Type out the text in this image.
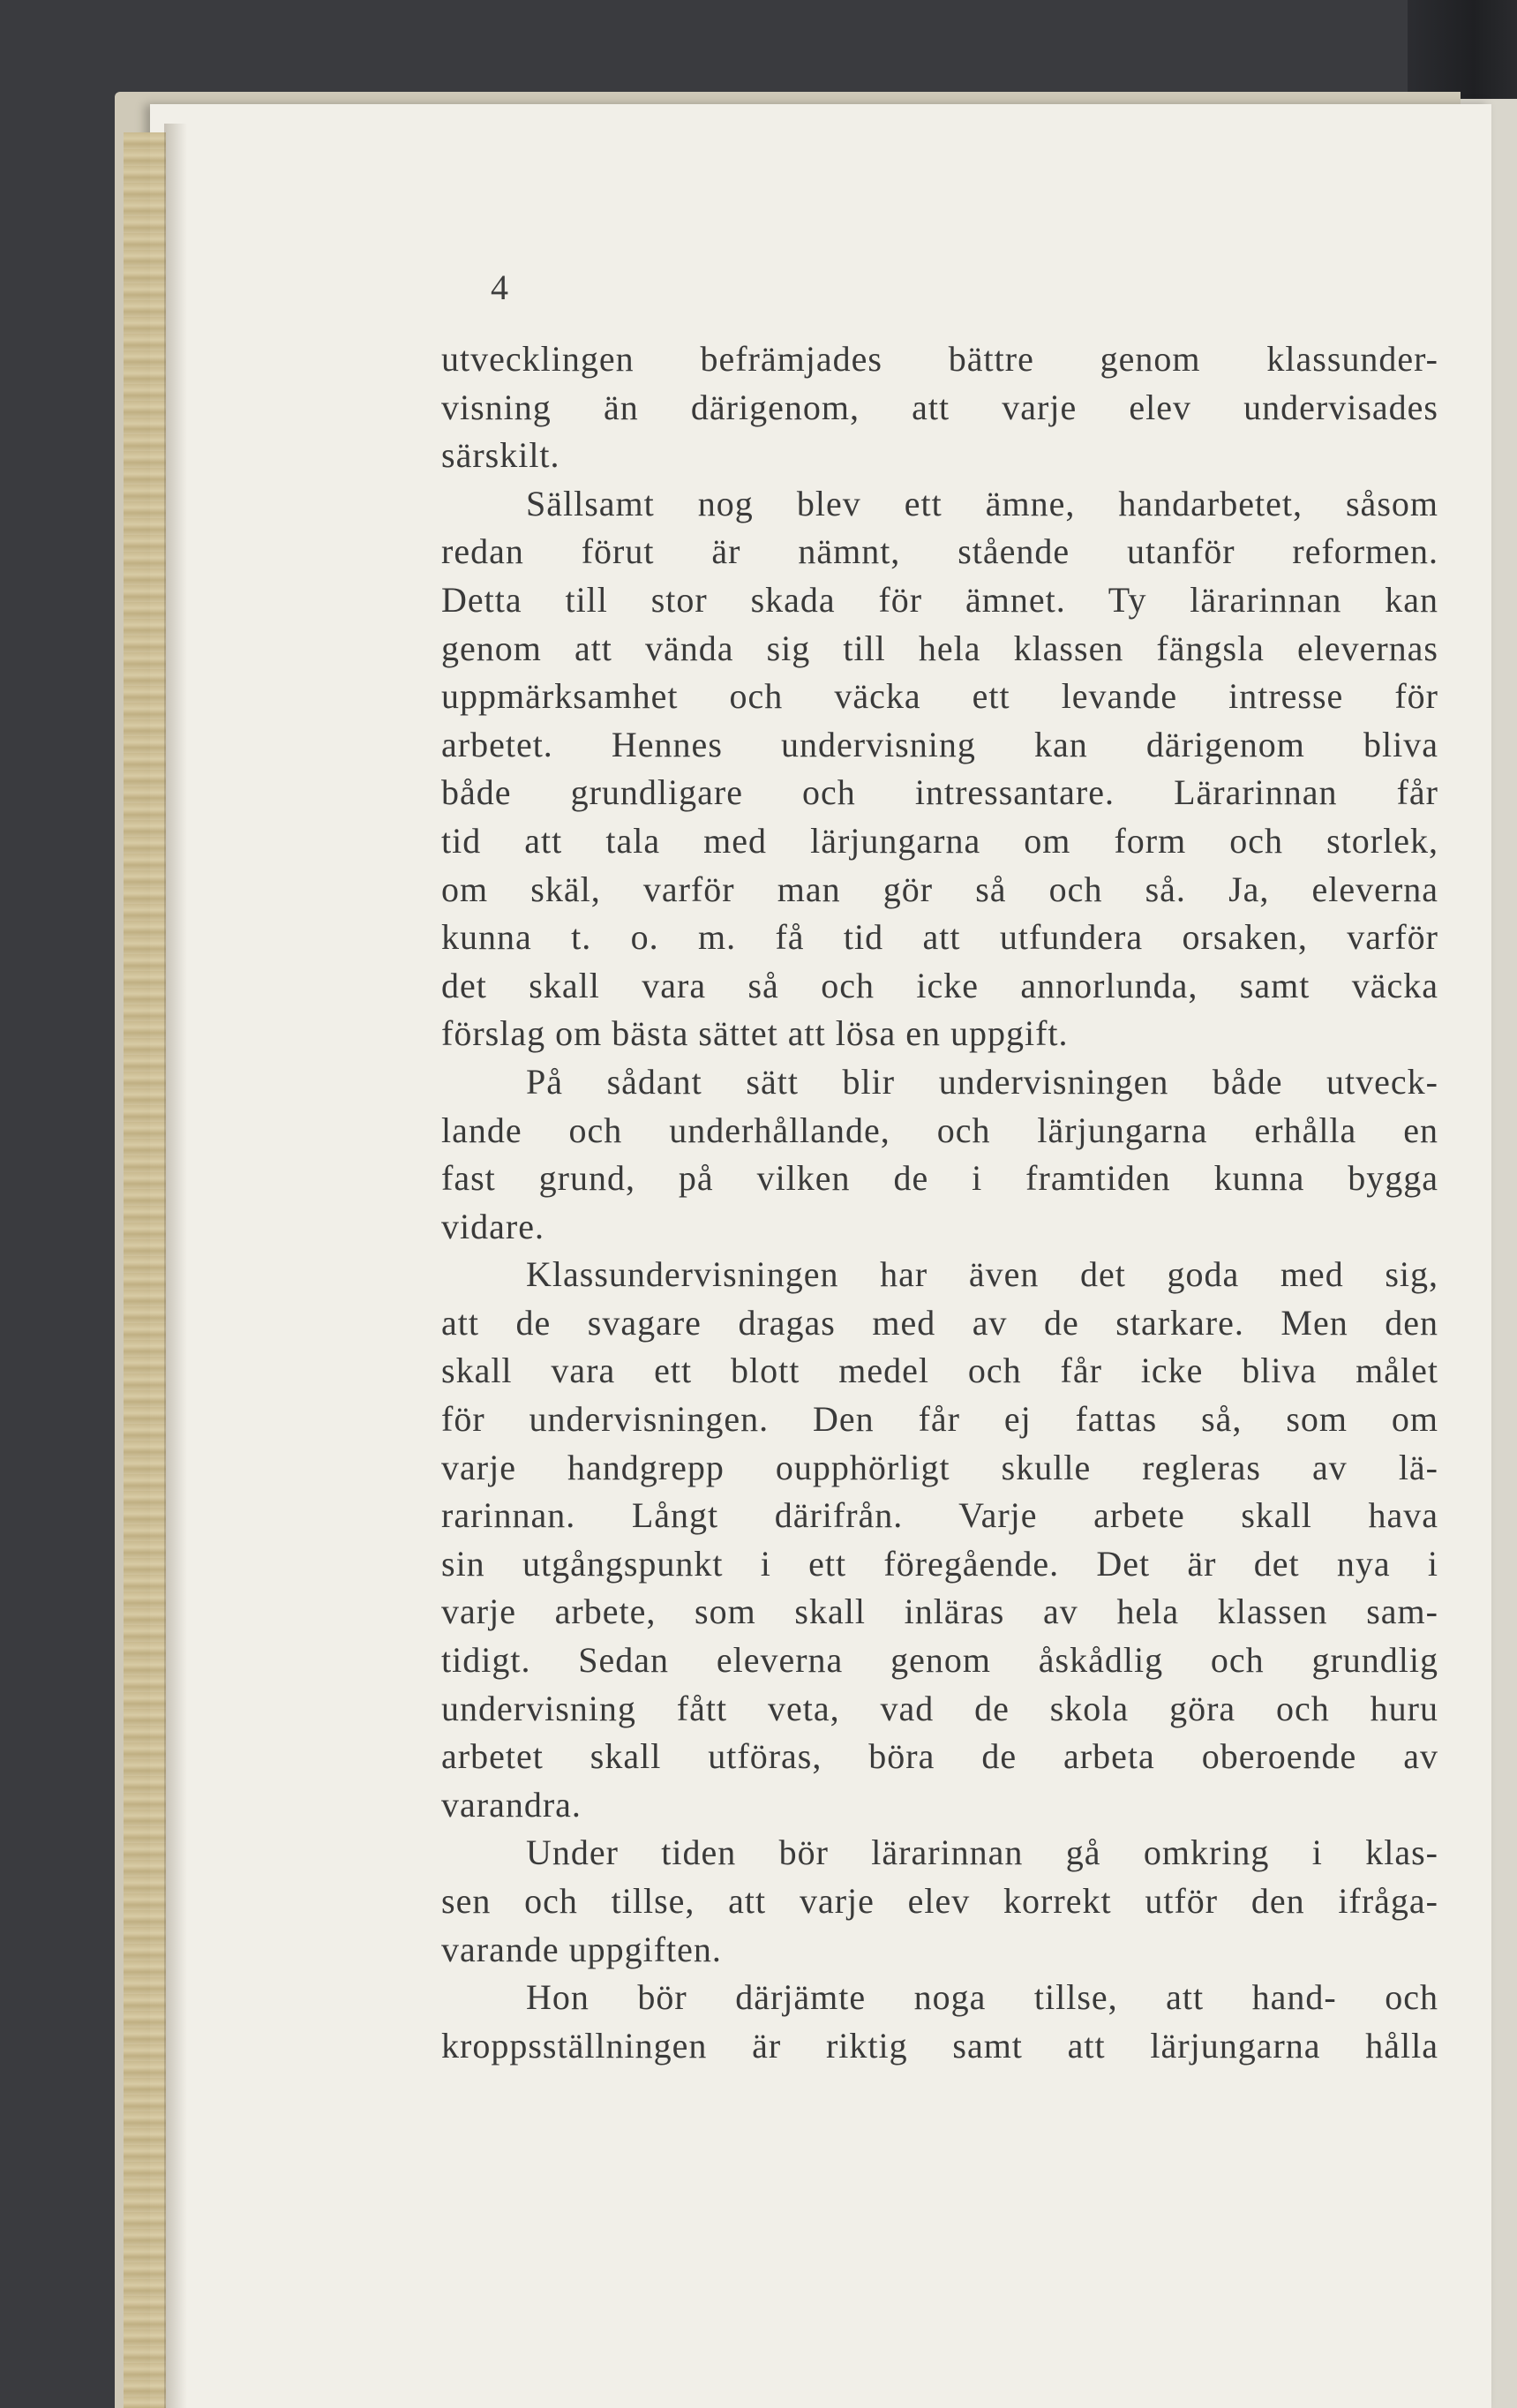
4
utvecklingen befrämjades bättre genom klassunder-
visning än därigenom, att varje elev undervisades
särskilt.
Sällsamt nog blev ett ämne, handarbetet, såsom
redan förut är nämnt, stående utanför reformen.
Detta till stor skada för ämnet. Ty lärarinnan kan
genom att vända sig till hela klassen fängsla elevernas
uppmärksamhet och väcka ett levande intresse för
arbetet. Hennes undervisning kan därigenom bliva
både grundligare och intressantare. Lärarinnan får
tid att tala med lärjungarna om form och storlek,
om skäl, varför man gör så och så. Ja, eleverna
kunna t. o. m. få tid att utfundera orsaken, varför
det skall vara så och icke annorlunda, samt väcka
förslag om bästa sättet att lösa en uppgift.
På sådant sätt blir undervisningen både utveck-
lande och underhållande, och lärjungarna erhålla en
fast grund, på vilken de i framtiden kunna bygga
vidare.
Klassundervisningen har även det goda med sig,
att de svagare dragas med av de starkare. Men den
skall vara ett blott medel och får icke bliva målet
för undervisningen. Den får ej fattas så, som om
varje handgrepp oupphörligt skulle regleras av lä-
rarinnan. Långt därifrån. Varje arbete skall hava
sin utgångspunkt i ett föregående. Det är det nya i
varje arbete, som skall inläras av hela klassen sam-
tidigt. Sedan eleverna genom åskådlig och grundlig
undervisning fått veta, vad de skola göra och huru
arbetet skall utföras, böra de arbeta oberoende av
varandra.
Under tiden bör lärarinnan gå omkring i klas-
sen och tillse, att varje elev korrekt utför den ifråga-
varande uppgiften.
Hon bör därjämte noga tillse, att hand- och
kroppsställningen är riktig samt att lärjungarna hålla
